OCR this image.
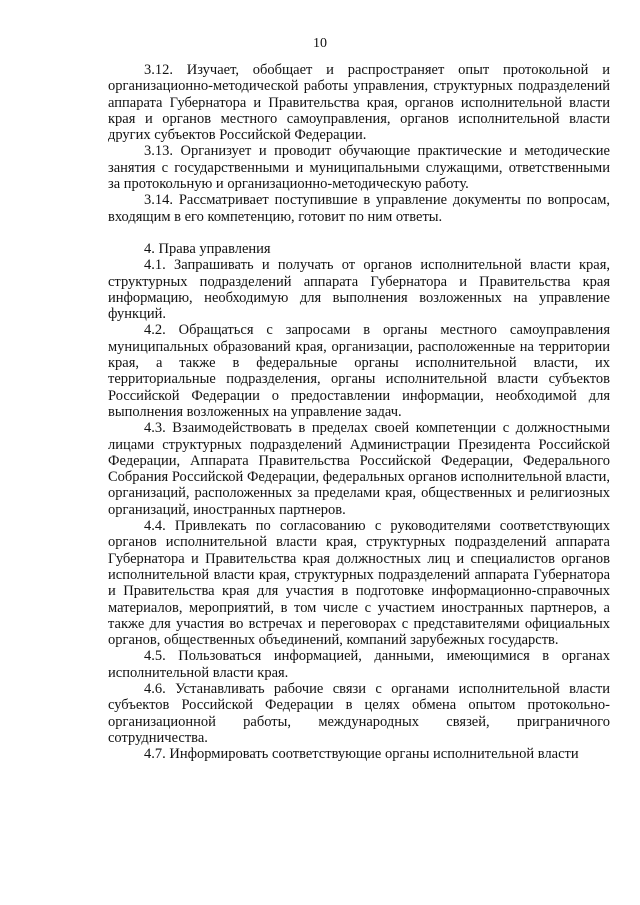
10

3.12. Изучает, обобщает и распространяет опыт протокольной и организационно-методической работы управления, структурных подразделений аппарата Губернатора и Правительства края, органов исполнительной власти края и органов местного самоуправления, органов исполнительной власти других субъектов Российской Федерации.

3.13. Организует и проводит обучающие практические и методические занятия с государственными и муниципальными служащими, ответственными за протокольную и организационно-методическую работу.

3.14. Рассматривает поступившие в управление документы по вопросам, входящим в его компетенцию, готовит по ним ответы.

4. Права управления

4.1. Запрашивать и получать от органов исполнительной власти края, структурных подразделений аппарата Губернатора и Правительства края информацию, необходимую для выполнения возложенных на управление функций.

4.2. Обращаться с запросами в органы местного самоуправления муниципальных образований края, организации, расположенные на территории края, а также в федеральные органы исполнительной власти, их территориальные подразделения, органы исполнительной власти субъектов Российской Федерации о предоставлении информации, необходимой для выполнения возложенных на управление задач.

4.3. Взаимодействовать в пределах своей компетенции с должностными лицами структурных подразделений Администрации Президента Российской Федерации, Аппарата Правительства Российской Федерации, Федерального Собрания Российской Федерации, федеральных органов исполнительной власти, организаций, расположенных за пределами края, общественных и религиозных организаций, иностранных партнеров.

4.4. Привлекать по согласованию с руководителями соответствующих органов исполнительной власти края, структурных подразделений аппарата Губернатора и Правительства края должностных лиц и специалистов органов исполнительной власти края, структурных подразделений аппарата Губернатора и Правительства края для участия в подготовке информационно-справочных материалов, мероприятий, в том числе с участием иностранных партнеров, а также для участия во встречах и переговорах с представителями официальных органов, общественных объединений, компаний зарубежных государств.

4.5. Пользоваться информацией, данными, имеющимися в органах исполнительной власти края.

4.6. Устанавливать рабочие связи с органами исполнительной власти субъектов Российской Федерации в целях обмена опытом протокольно-организационной работы, международных связей, приграничного сотрудничества.

4.7. Информировать соответствующие органы исполнительной власти
